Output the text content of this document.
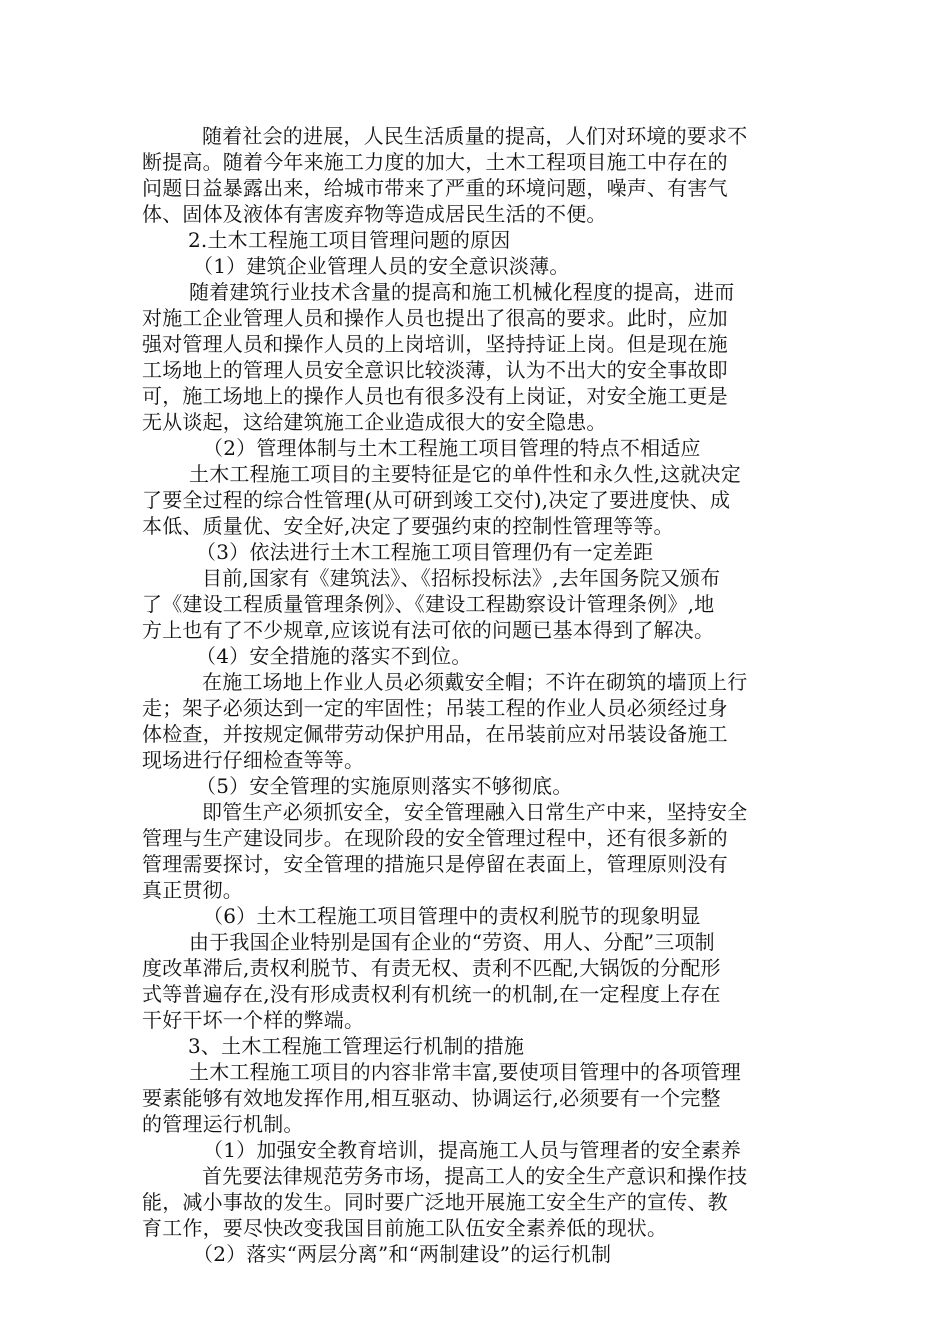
随着社会的进展，人民生活质量的提高，人们对环境的要求不

断提高。随着今年来施工力度的加大，土木工程项目施工中存在的

问题日益暴露出来，给城市带来了严重的环境问题，噪声、有害气

体、固体及液体有害废弃物等造成居民生活的不便。

2.土木工程施工项目管理问题的原因

（1）建筑企业管理人员的安全意识淡薄。

随着建筑行业技术含量的提高和施工机械化程度的提高，进而

对施工企业管理人员和操作人员也提出了很高的要求。此时，应加

强对管理人员和操作人员的上岗培训，坚持持证上岗。但是现在施

工场地上的管理人员安全意识比较淡薄，认为不出大的安全事故即

可，施工场地上的操作人员也有很多没有上岗证，对安全施工更是

无从谈起，这给建筑施工企业造成很大的安全隐患。

（2）管理体制与土木工程施工项目管理的特点不相适应

土木工程施工项目的主要特征是它的单件性和永久性,这就决定

了要全过程的综合性管理(从可研到竣工交付),决定了要进度快、成

本低、质量优、安全好,决定了要强约束的控制性管理等等。

（3）依法进行土木工程施工项目管理仍有一定差距

目前,国家有《建筑法》、《招标投标法》,去年国务院又颁布

了《建设工程质量管理条例》、《建设工程勘察设计管理条例》,地

方上也有了不少规章,应该说有法可依的问题已基本得到了解决。

（4）安全措施的落实不到位。

在施工场地上作业人员必须戴安全帽；不许在砌筑的墙顶上行

走；架子必须达到一定的牢固性；吊装工程的作业人员必须经过身

体检查，并按规定佩带劳动保护用品，在吊装前应对吊装设备施工

现场进行仔细检查等等。

（5）安全管理的实施原则落实不够彻底。

即管生产必须抓安全，安全管理融入日常生产中来，坚持安全

管理与生产建设同步。在现阶段的安全管理过程中，还有很多新的

管理需要探讨，安全管理的措施只是停留在表面上，管理原则没有

真正贯彻。

（6）土木工程施工项目管理中的责权利脱节的现象明显

由于我国企业特别是国有企业的“劳资、用人、分配”三项制

度改革滞后,责权利脱节、有责无权、责利不匹配,大锅饭的分配形

式等普遍存在,没有形成责权利有机统一的机制,在一定程度上存在

干好干坏一个样的弊端。

3、土木工程施工管理运行机制的措施

土木工程施工项目的内容非常丰富,要使项目管理中的各项管理

要素能够有效地发挥作用,相互驱动、协调运行,必须要有一个完整

的管理运行机制。

（1）加强安全教育培训，提高施工人员与管理者的安全素养

首先要法律规范劳务市场，提高工人的安全生产意识和操作技

能，减小事故的发生。同时要广泛地开展施工安全生产的宣传、教

育工作，要尽快改变我国目前施工队伍安全素养低的现状。

（2）落实“两层分离”和“两制建设”的运行机制
